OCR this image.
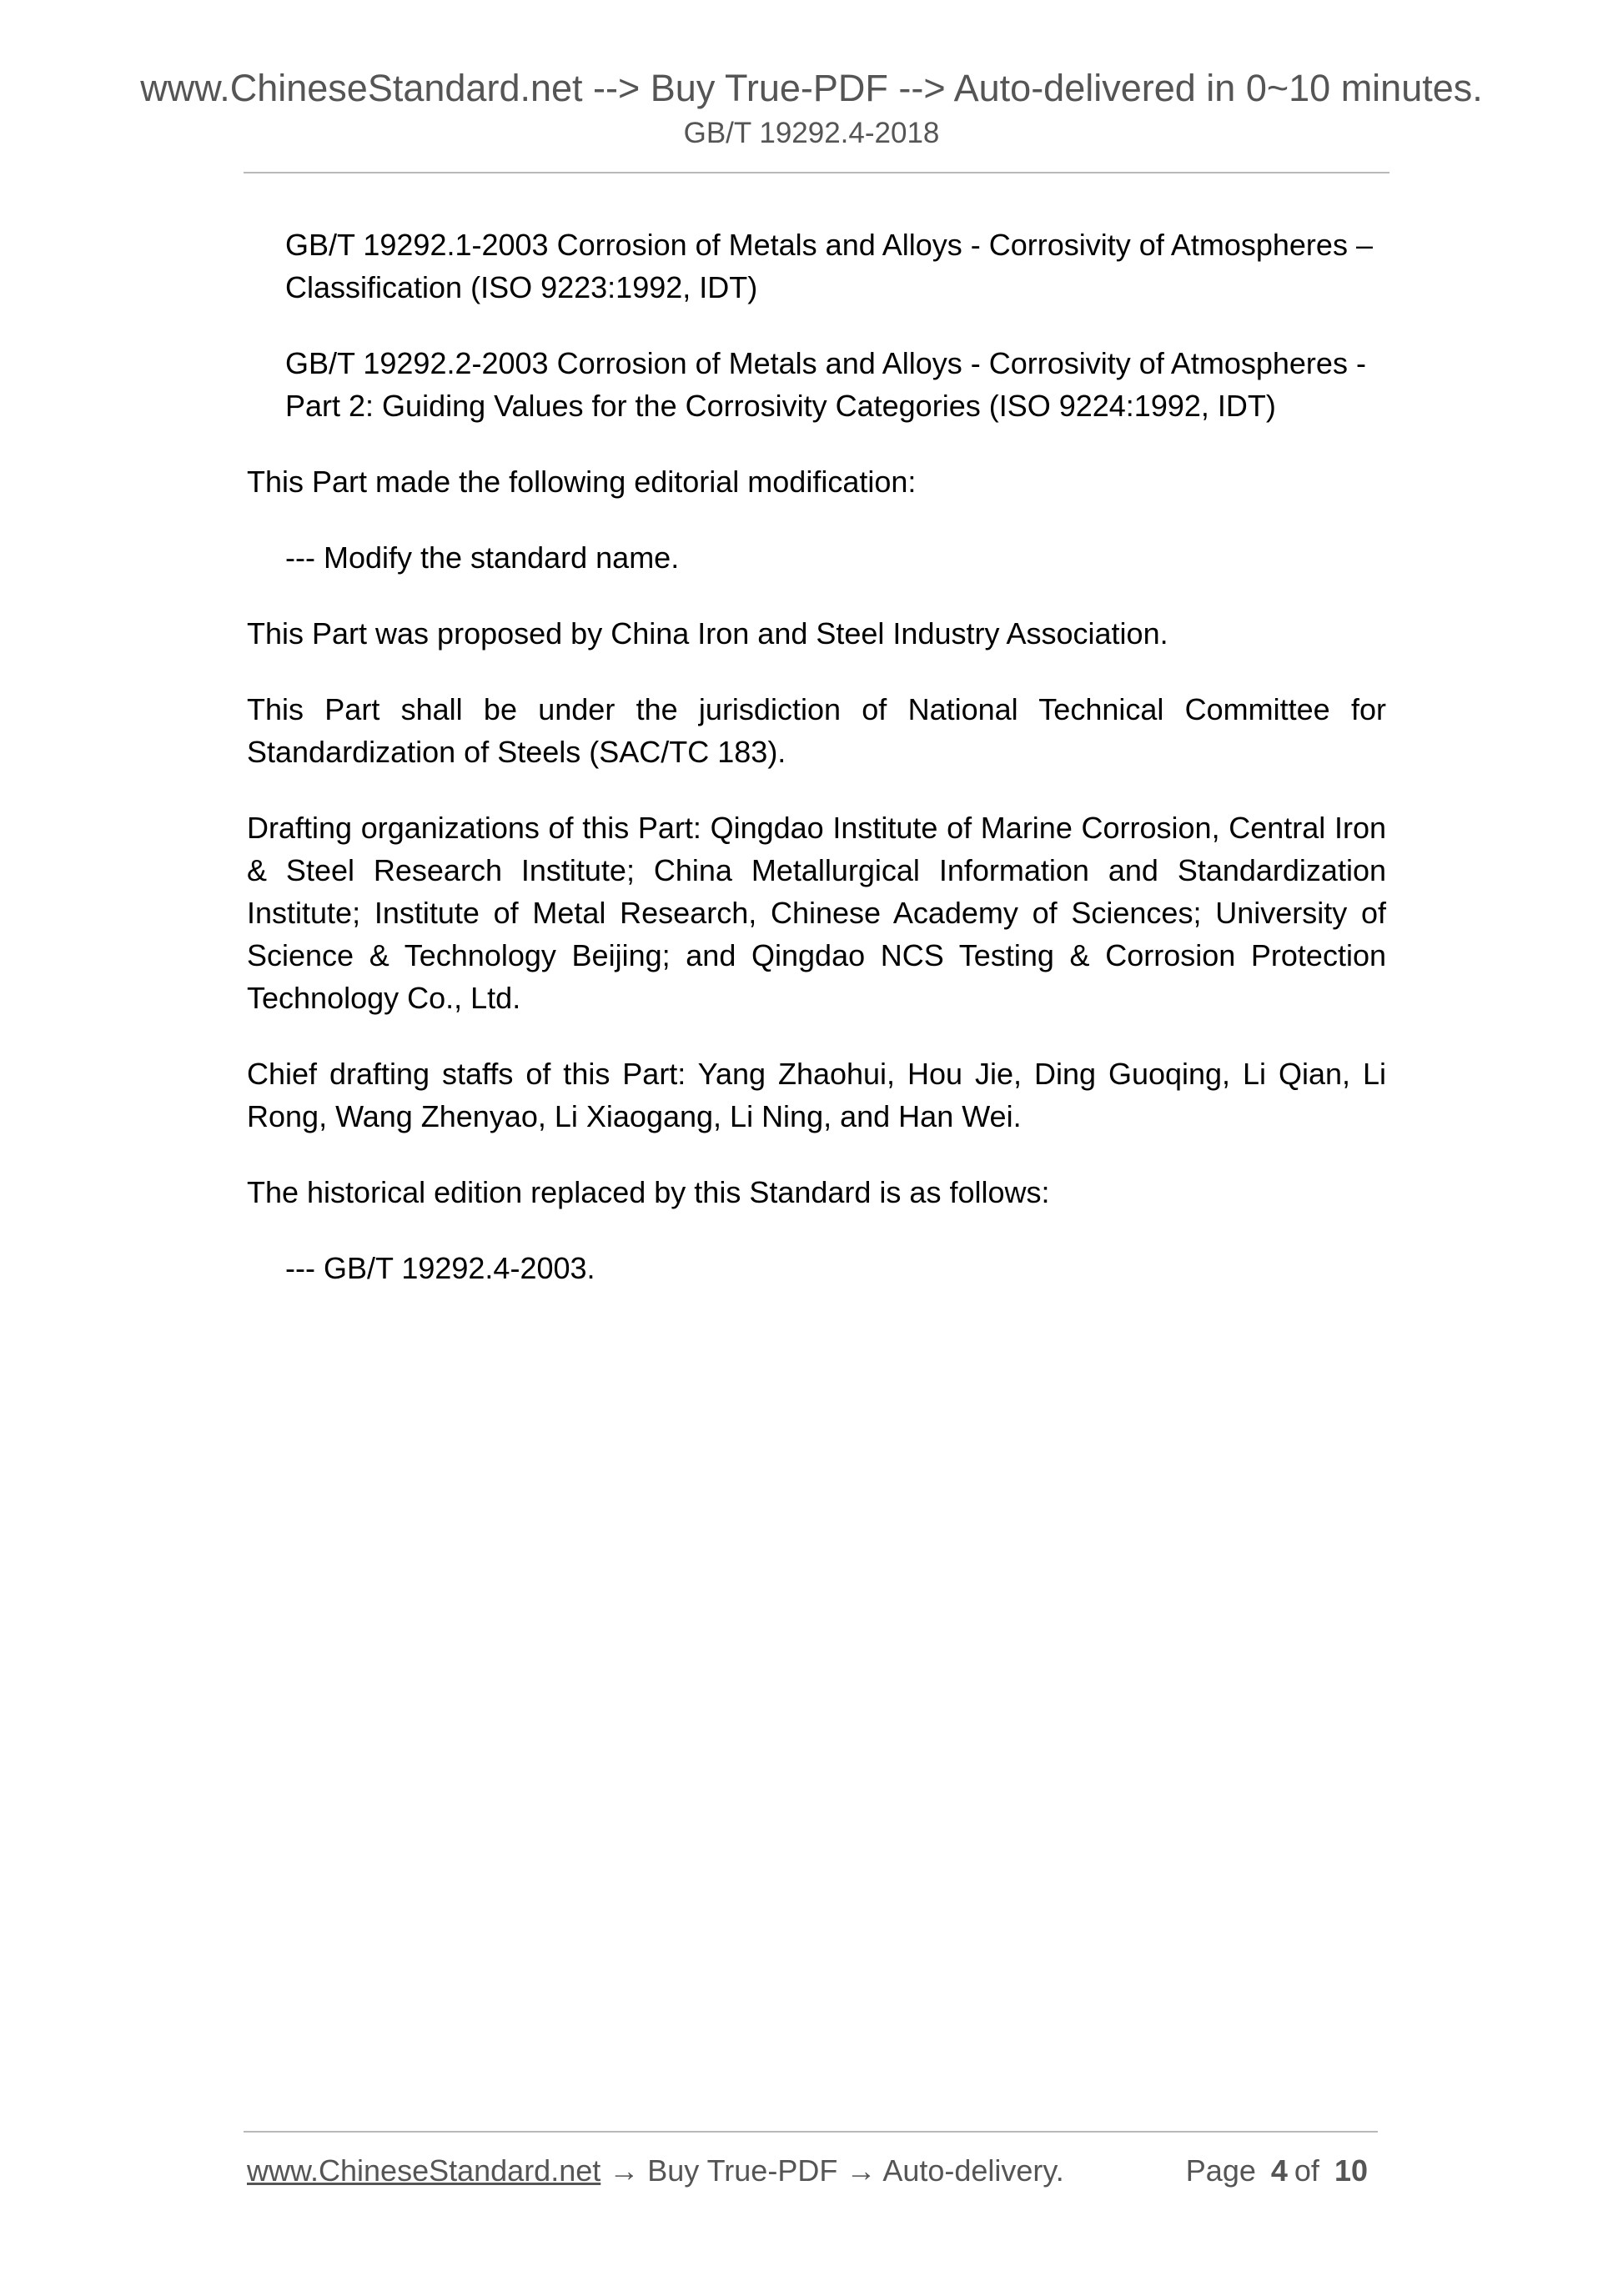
www.ChineseStandard.net --> Buy True-PDF --> Auto-delivered in 0~10 minutes.
GB/T 19292.4-2018

GB/T 19292.1-2003 Corrosion of Metals and Alloys - Corrosivity of Atmospheres – Classification (ISO 9223:1992, IDT)

GB/T 19292.2-2003 Corrosion of Metals and Alloys - Corrosivity of Atmospheres - Part 2: Guiding Values for the Corrosivity Categories (ISO 9224:1992, IDT)

This Part made the following editorial modification:

--- Modify the standard name.

This Part was proposed by China Iron and Steel Industry Association.

This Part shall be under the jurisdiction of National Technical Committee for Standardization of Steels (SAC/TC 183).

Drafting organizations of this Part: Qingdao Institute of Marine Corrosion, Central Iron & Steel Research Institute; China Metallurgical Information and Standardization Institute; Institute of Metal Research, Chinese Academy of Sciences; University of Science & Technology Beijing; and Qingdao NCS Testing & Corrosion Protection Technology Co., Ltd.

Chief drafting staffs of this Part: Yang Zhaohui, Hou Jie, Ding Guoqing, Li Qian, Li Rong, Wang Zhenyao, Li Xiaogang, Li Ning, and Han Wei.

The historical edition replaced by this Standard is as follows:

--- GB/T 19292.4-2003.

www.ChineseStandard.net → Buy True-PDF → Auto-delivery.	Page 4 of 10
